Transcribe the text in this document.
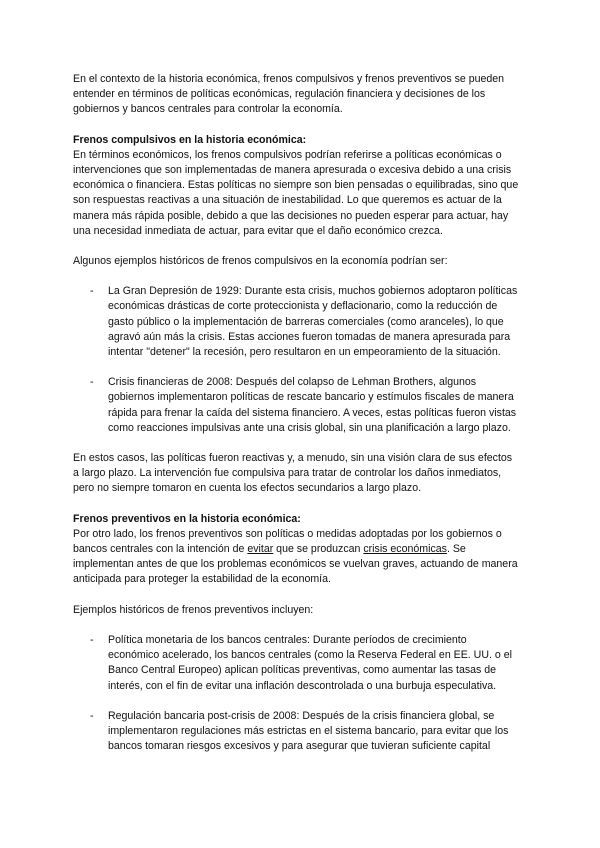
En el contexto de la historia económica, frenos compulsivos y frenos preventivos se pueden entender en términos de políticas económicas, regulación financiera y decisiones de los gobiernos y bancos centrales para controlar la economía.

Frenos compulsivos en la historia económica:

En términos económicos, los frenos compulsivos podrían referirse a políticas económicas o intervenciones que son implementadas de manera apresurada o excesiva debido a una crisis económica o financiera. Estas políticas no siempre son bien pensadas o equilibradas, sino que son respuestas reactivas a una situación de inestabilidad. Lo que queremos es actuar de la manera más rápida posible, debido a que las decisiones no pueden esperar para actuar, hay una necesidad inmediata de actuar, para evitar que el daño económico crezca.

Algunos ejemplos históricos de frenos compulsivos en la economía podrían ser:

- La Gran Depresión de 1929: Durante esta crisis, muchos gobiernos adoptaron políticas económicas drásticas de corte proteccionista y deflacionario, como la reducción de gasto público o la implementación de barreras comerciales (como aranceles), lo que agravó aún más la crisis. Estas acciones fueron tomadas de manera apresurada para intentar "detener" la recesión, pero resultaron en un empeoramiento de la situación.
- Crisis financieras de 2008: Después del colapso de Lehman Brothers, algunos gobiernos implementaron políticas de rescate bancario y estímulos fiscales de manera rápida para frenar la caída del sistema financiero. A veces, estas políticas fueron vistas como reacciones impulsivas ante una crisis global, sin una planificación a largo plazo.

En estos casos, las políticas fueron reactivas y, a menudo, sin una visión clara de sus efectos a largo plazo. La intervención fue compulsiva para tratar de controlar los daños inmediatos, pero no siempre tomaron en cuenta los efectos secundarios a largo plazo.

Frenos preventivos en la historia económica:

Por otro lado, los frenos preventivos son políticas o medidas adoptadas por los gobiernos o bancos centrales con la intención de evitar que se produzcan crisis económicas. Se implementan antes de que los problemas económicos se vuelvan graves, actuando de manera anticipada para proteger la estabilidad de la economía.

Ejemplos históricos de frenos preventivos incluyen:

- Política monetaria de los bancos centrales: Durante períodos de crecimiento económico acelerado, los bancos centrales (como la Reserva Federal en EE. UU. o el Banco Central Europeo) aplican políticas preventivas, como aumentar las tasas de interés, con el fin de evitar una inflación descontrolada o una burbuja especulativa.
- Regulación bancaria post-crisis de 2008: Después de la crisis financiera global, se implementaron regulaciones más estrictas en el sistema bancario, para evitar que los bancos tomaran riesgos excesivos y para asegurar que tuvieran suficiente capital
